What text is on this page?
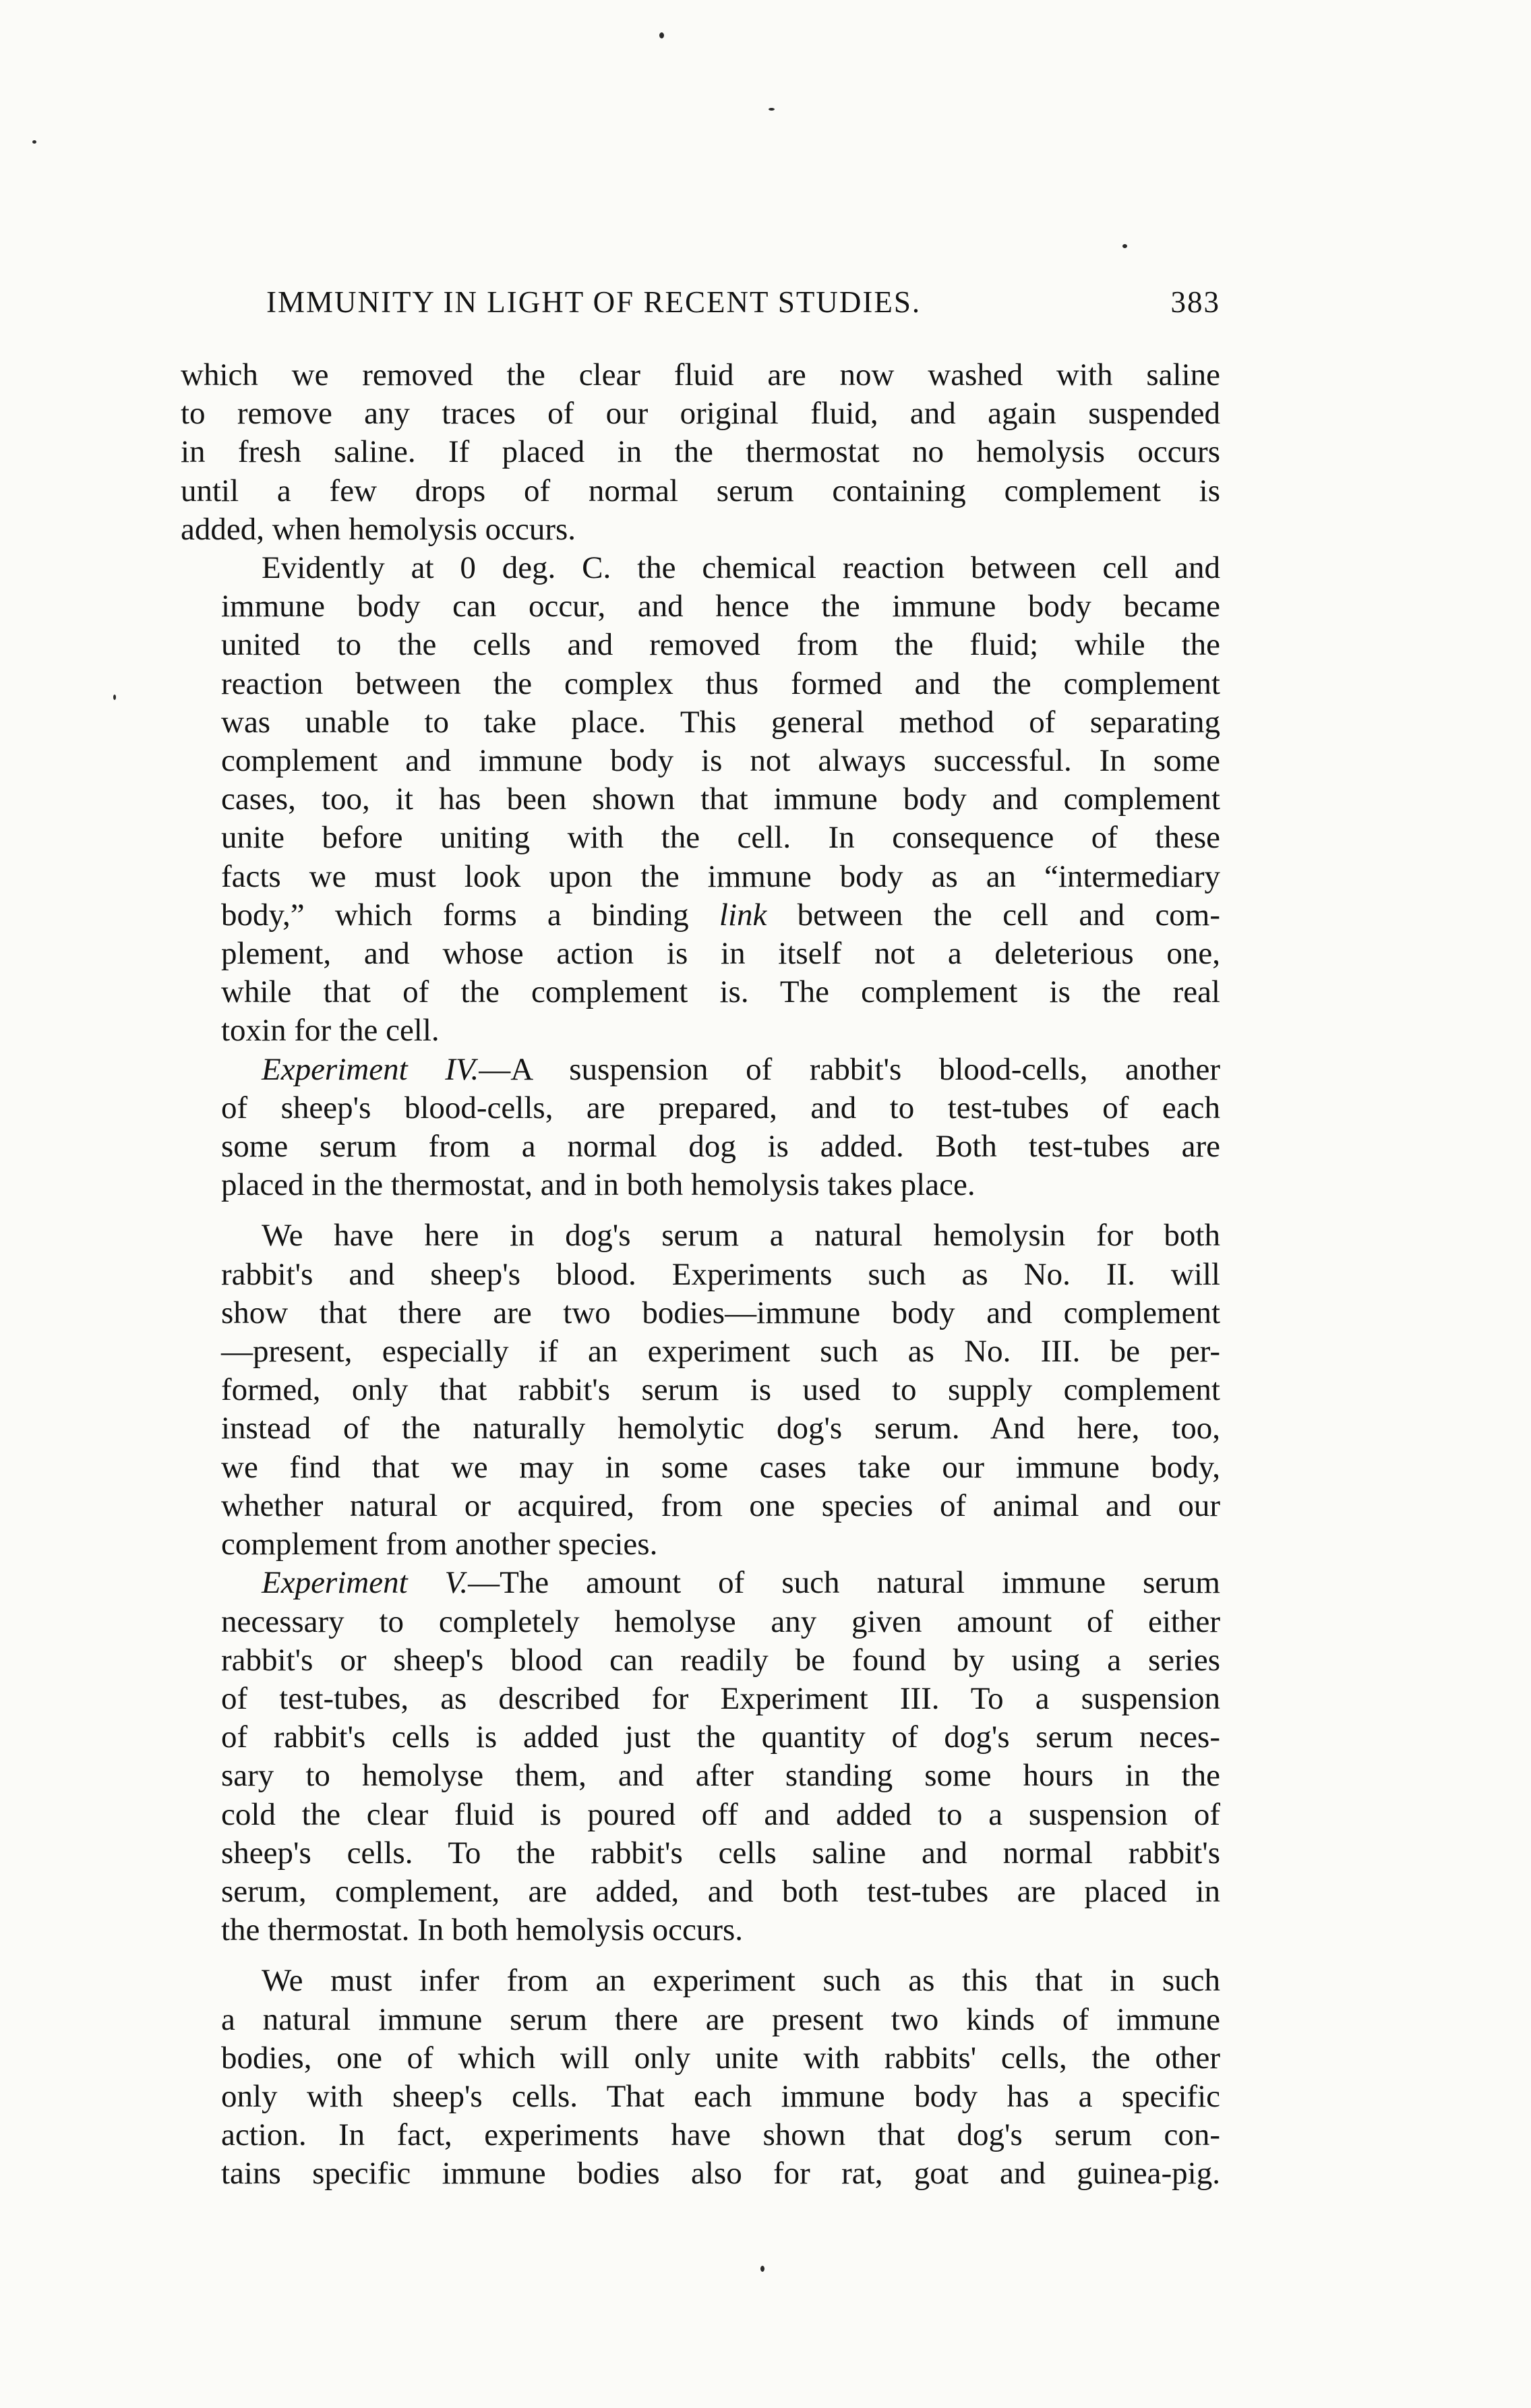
IMMUNITY IN LIGHT OF RECENT STUDIES.	383
which we removed the clear fluid are now washed with saline
to remove any traces of our original fluid, and again suspended
in fresh saline. If placed in the thermostat no hemolysis occurs
until a few drops of normal serum containing complement is
added, when hemolysis occurs.
Evidently at 0 deg. C. the chemical reaction between cell and
immune body can occur, and hence the immune body became
united to the cells and removed from the fluid; while the
reaction between the complex thus formed and the complement
was unable to take place. This general method of separating
complement and immune body is not always successful. In some
cases, too, it has been shown that immune body and complement
unite before uniting with the cell. In consequence of these
facts we must look upon the immune body as an “intermediary
body,” which forms a binding link between the cell and com-
plement, and whose action is in itself not a deleterious one,
while that of the complement is. The complement is the real
toxin for the cell.
Experiment IV.—A suspension of rabbit's blood-cells, another
of sheep's blood-cells, are prepared, and to test-tubes of each
some serum from a normal dog is added. Both test-tubes are
placed in the thermostat, and in both hemolysis takes place.
We have here in dog's serum a natural hemolysin for both
rabbit's and sheep's blood. Experiments such as No. II. will
show that there are two bodies—immune body and complement
—present, especially if an experiment such as No. III. be per-
formed, only that rabbit's serum is used to supply complement
instead of the naturally hemolytic dog's serum. And here, too,
we find that we may in some cases take our immune body,
whether natural or acquired, from one species of animal and our
complement from another species.
Experiment V.—The amount of such natural immune serum
necessary to completely hemolyse any given amount of either
rabbit's or sheep's blood can readily be found by using a series
of test-tubes, as described for Experiment III. To a suspension
of rabbit's cells is added just the quantity of dog's serum neces-
sary to hemolyse them, and after standing some hours in the
cold the clear fluid is poured off and added to a suspension of
sheep's cells. To the rabbit's cells saline and normal rabbit's
serum, complement, are added, and both test-tubes are placed in
the thermostat. In both hemolysis occurs.
We must infer from an experiment such as this that in such
a natural immune serum there are present two kinds of immune
bodies, one of which will only unite with rabbits' cells, the other
only with sheep's cells. That each immune body has a specific
action. In fact, experiments have shown that dog's serum con-
tains specific immune bodies also for rat, goat and guinea-pig.
